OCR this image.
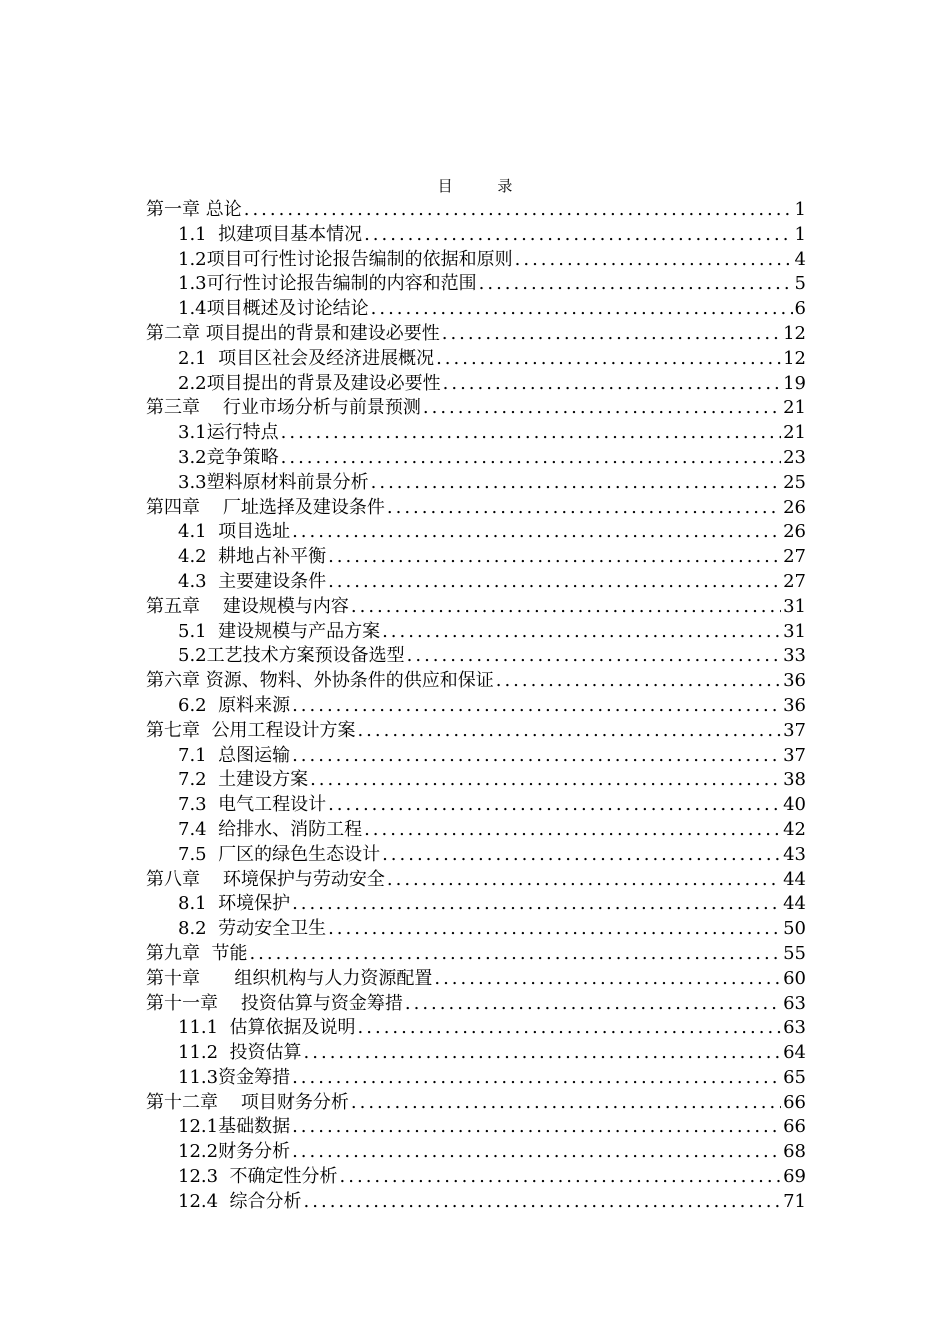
目 录
第一章 总论 .....	1
1.1  拟建项目基本情况 .....	1
1.2项目可行性讨论报告编制的依据和原则 .....	4
1.3可行性讨论报告编制的内容和范围 .....	5
1.4项目概述及讨论结论 .....	6
第二章 项目提出的背景和建设必要性 .....	12
2.1  项目区社会及经济进展概况 .....	12
2.2项目提出的背景及建设必要性 .....	19
第三章    行业市场分析与前景预测 .....	21
3.1运行特点 .....	21
3.2竞争策略 .....	23
3.3塑料原材料前景分析 .....	25
第四章    厂址选择及建设条件 .....	26
4.1  项目选址 .....	26
4.2  耕地占补平衡 .....	27
4.3  主要建设条件 .....	27
第五章    建设规模与内容 .....	31
5.1  建设规模与产品方案 .....	31
5.2工艺技术方案预设备选型 .....	33
第六章 资源、物料、外协条件的供应和保证 .....	36
6.2  原料来源 .....	36
第七章  公用工程设计方案 .....	37
7.1  总图运输 .....	37
7.2  土建设方案 .....	38
7.3  电气工程设计 .....	40
7.4  给排水、消防工程 .....	42
7.5  厂区的绿色生态设计 .....	43
第八章    环境保护与劳动安全 .....	44
8.1  环境保护 .....	44
8.2  劳动安全卫生 .....	50
第九章  节能 .....	55
第十章      组织机构与人力资源配置 .....	60
第十一章    投资估算与资金筹措 .....	63
11.1  估算依据及说明 .....	63
11.2  投资估算 .....	64
11.3资金筹措 .....	65
第十二章    项目财务分析 .....	66
12.1基础数据 .....	66
12.2财务分析 .....	68
12.3  不确定性分析 .....	69
12.4  综合分析 .....	71
